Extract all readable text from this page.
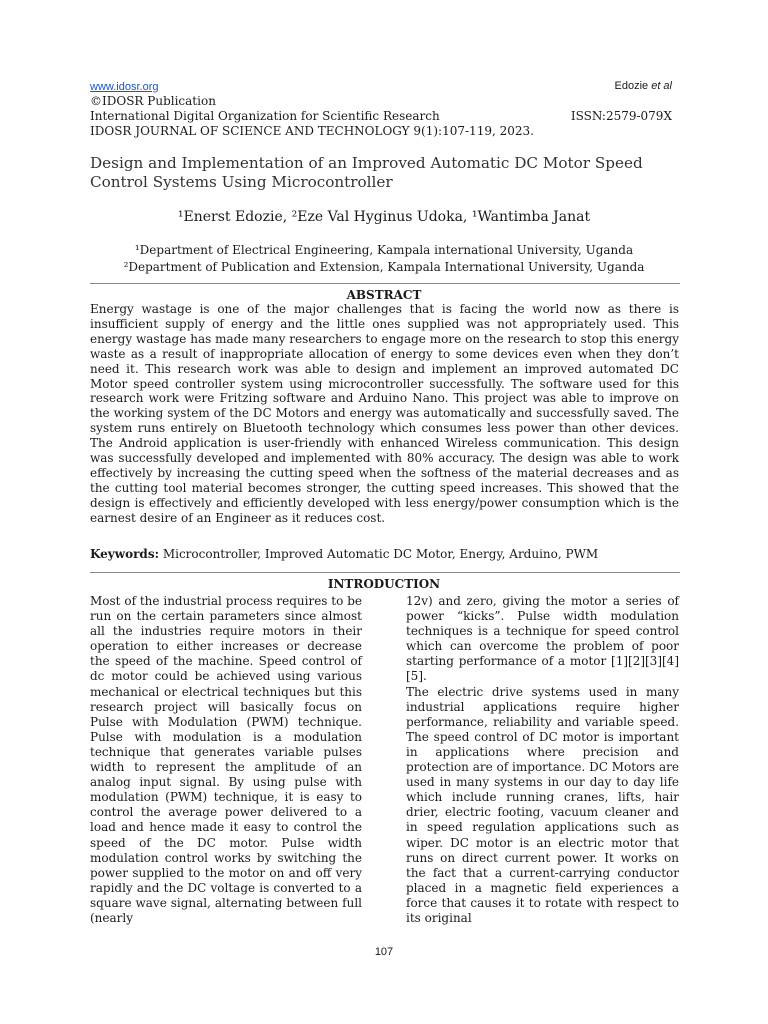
www.idosr.org	Edozie et al
©IDOSR Publication
International Digital Organization for Scientific Research	ISSN:2579-079X
IDOSR JOURNAL OF SCIENCE AND TECHNOLOGY 9(1):107-119, 2023.
Design and Implementation of an Improved Automatic DC Motor Speed Control Systems Using Microcontroller
¹Enerst Edozie, ²Eze Val Hyginus Udoka, ¹Wantimba Janat
¹Department of Electrical Engineering, Kampala international University, Uganda
²Department of Publication and Extension, Kampala International University, Uganda
ABSTRACT

Energy wastage is one of the major challenges that is facing the world now as there is insufficient supply of energy and the little ones supplied was not appropriately used. This energy wastage has made many researchers to engage more on the research to stop this energy waste as a result of inappropriate allocation of energy to some devices even when they don’t need it. This research work was able to design and implement an improved automated DC Motor speed controller system using microcontroller successfully. The software used for this research work were Fritzing software and Arduino Nano. This project was able to improve on the working system of the DC Motors and energy was automatically and successfully saved. The system runs entirely on Bluetooth technology which consumes less power than other devices. The Android application is user-friendly with enhanced Wireless communication. This design was successfully developed and implemented with 80% accuracy. The design was able to work effectively by increasing the cutting speed when the softness of the material decreases and as the cutting tool material becomes stronger, the cutting speed increases. This showed that the design is effectively and efficiently developed with less energy/power consumption which is the earnest desire of an Engineer as it reduces cost.

Keywords: Microcontroller, Improved Automatic DC Motor, Energy, Arduino, PWM
INTRODUCTION

Most of the industrial process requires to be run on the certain parameters since almost all the industries require motors in their operation to either increases or decrease the speed of the machine. Speed control of dc motor could be achieved using various mechanical or electrical techniques but this research project will basically focus on Pulse with Modulation (PWM) technique. Pulse with modulation is a modulation technique that generates variable pulses width to represent the amplitude of an analog input signal. By using pulse with modulation (PWM) technique, it is easy to control the average power delivered to a load and hence made it easy to control the speed of the DC motor. Pulse width modulation control works by switching the power supplied to the motor on and off very rapidly and the DC voltage is converted to a square wave signal, alternating between full (nearly

12v) and zero, giving the motor a series of power “kicks”. Pulse width modulation techniques is a technique for speed control which can overcome the problem of poor starting performance of a motor [1][2][3][4][5].

The electric drive systems used in many industrial applications require higher performance, reliability and variable speed. The speed control of DC motor is important in applications where precision and protection are of importance. DC Motors are used in many systems in our day to day life which include running cranes, lifts, hair drier, electric footing, vacuum cleaner and in speed regulation applications such as wiper. DC motor is an electric motor that runs on direct current power. It works on the fact that a current-carrying conductor placed in a magnetic field experiences a force that causes it to rotate with respect to its original

107
